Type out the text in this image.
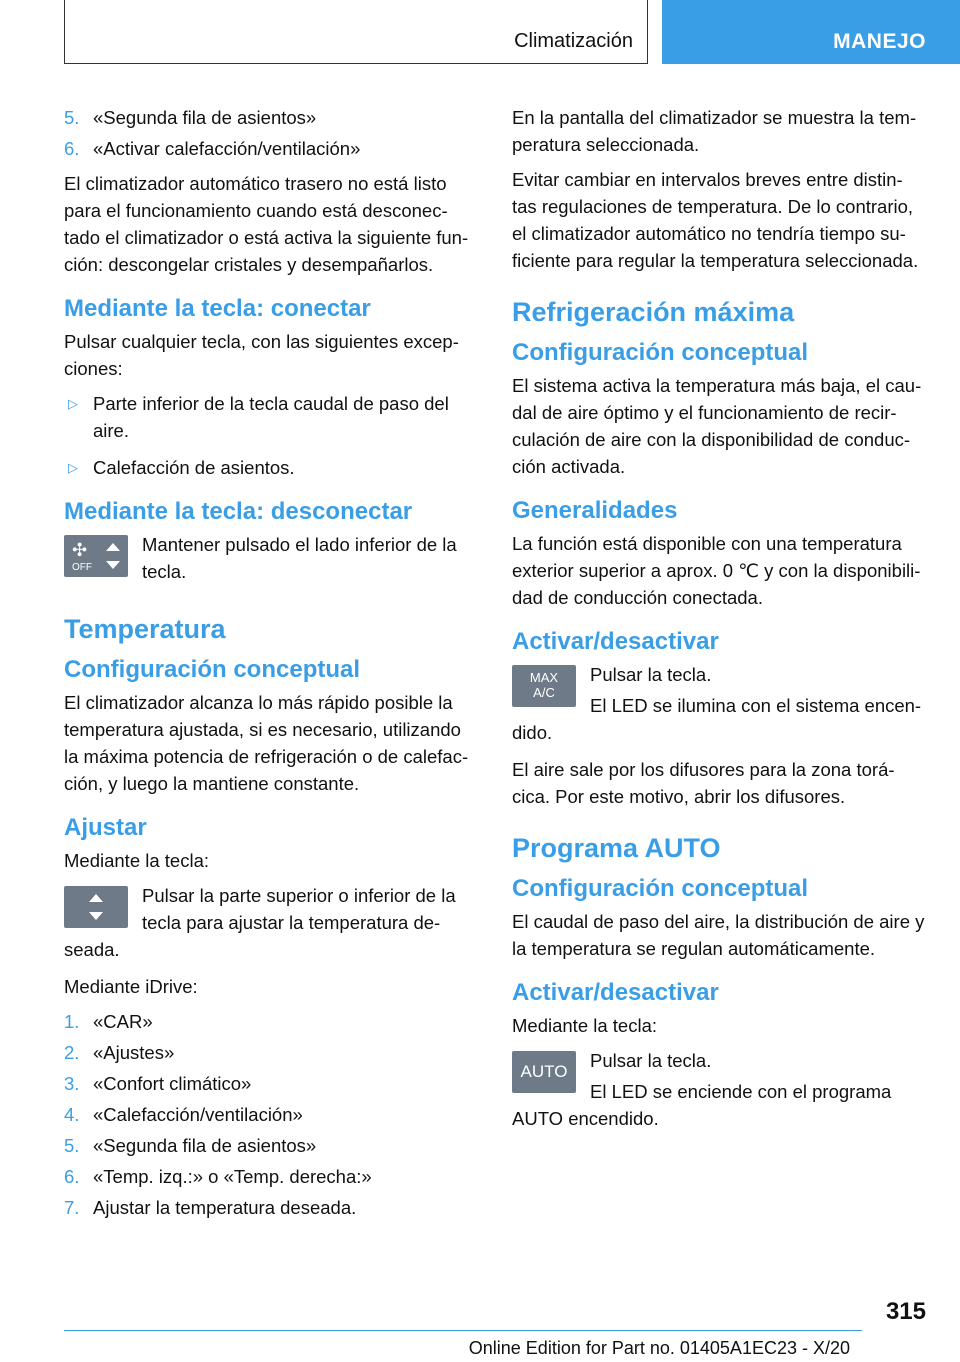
Climatización	MANEJO
5. «Segunda fila de asientos»
6. «Activar calefacción/ventilación»

El climatizador automático trasero no está listo para el funcionamiento cuando está desconec‐tado el climatizador o está activa la siguiente fun‐ción: descongelar cristales y desempañarlos.

Mediante la tecla: conectar

Pulsar cualquier tecla, con las siguientes excep‐ciones:

▷ Parte inferior de la tecla caudal de paso del aire.
▷ Calefacción de asientos.
Mediante la tecla: desconectar
✣
OFF
Mantener pulsado el lado inferior de la tecla.
Temperatura
Configuración conceptual

El climatizador alcanza lo más rápido posible la temperatura ajustada, si es necesario, utilizando la máxima potencia de refrigeración o de calefac‐ción, y luego la mantiene constante.

Ajustar

Mediante la tecla:

Pulsar la parte superior o inferior de la tecla para ajustar la temperatura de‐seada.

Mediante iDrive:

1. «CAR»
2. «Ajustes»
3. «Confort climático»
4. «Calefacción/ventilación»
5. «Segunda fila de asientos»
6. «Temp. izq.:» o «Temp. derecha:»
7. Ajustar la temperatura deseada.

En la pantalla del climatizador se muestra la tem‐peratura seleccionada.

Evitar cambiar en intervalos breves entre distin‐tas regulaciones de temperatura. De lo contrario, el climatizador automático no tendría tiempo su‐ficiente para regular la temperatura seleccionada.

Refrigeración máxima
Configuración conceptual

El sistema activa la temperatura más baja, el cau‐dal de aire óptimo y el funcionamiento de recir‐culación de aire con la disponibilidad de conduc‐ción activada.

Generalidades

La función está disponible con una temperatura exterior superior a aprox. 0 ℃ y con la disponibili‐dad de conducción conectada.

Activar/desactivar
MAX
A/C

Pulsar la tecla.

El LED se ilumina con el sistema encen‐dido.

El aire sale por los difusores para la zona torá‐cica. Por este motivo, abrir los difusores.

Programa AUTO
Configuración conceptual

El caudal de paso del aire, la distribución de aire y la temperatura se regulan automáticamente.

Activar/desactivar

Mediante la tecla:

AUTO

Pulsar la tecla.

El LED se enciende con el programa AUTO encendido.
315
Online Edition for Part no. 01405A1EC23 - X/20
